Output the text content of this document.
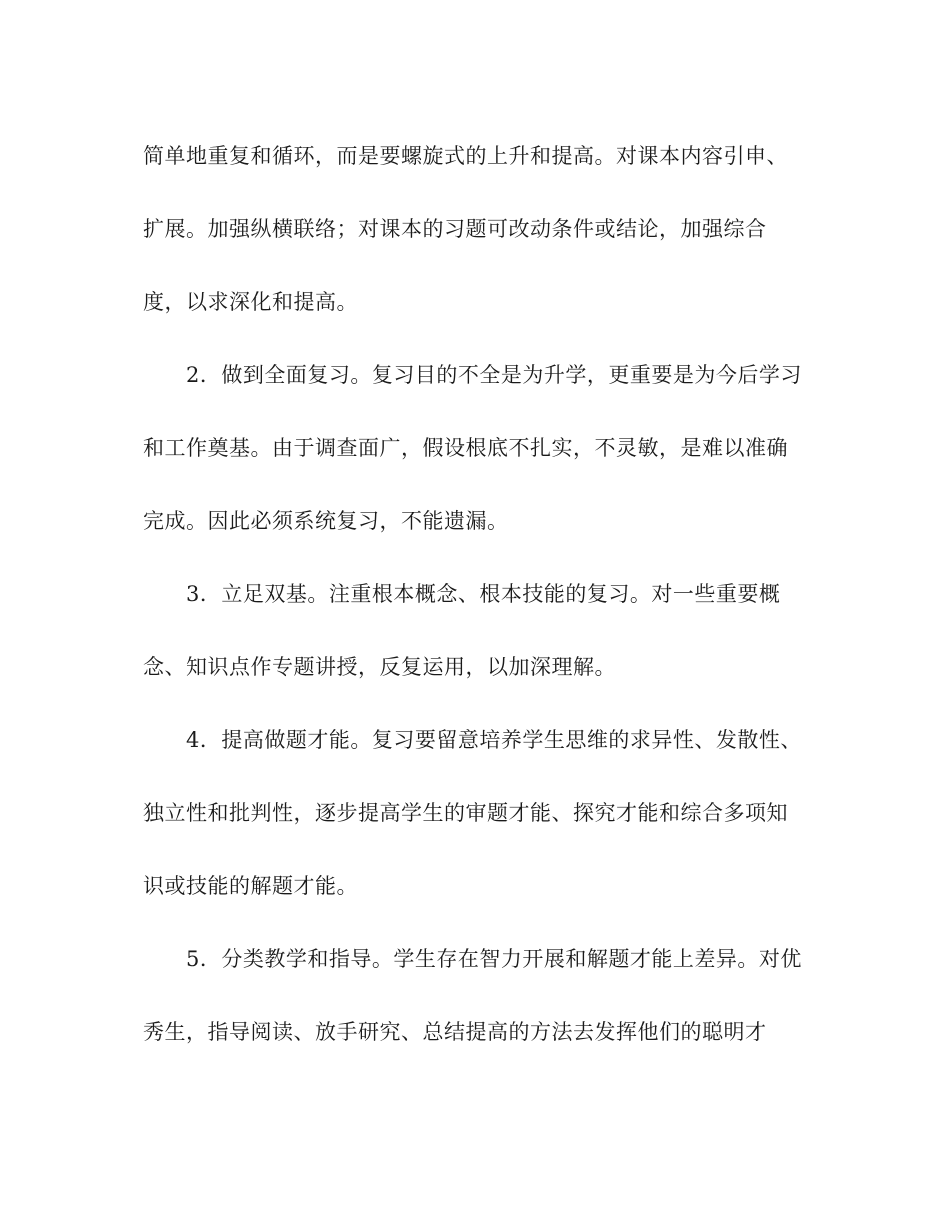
简单地重复和循环，而是要螺旋式的上升和提高。对课本内容引申、
扩展。加强纵横联络；对课本的习题可改动条件或结论，加强综合
度，以求深化和提高。
2．做到全面复习。复习目的不全是为升学，更重要是为今后学习
和工作奠基。由于调查面广，假设根底不扎实，不灵敏，是难以准确
完成。因此必须系统复习，不能遗漏。
3．立足双基。注重根本概念、根本技能的复习。对一些重要概
念、知识点作专题讲授，反复运用，以加深理解。
4．提高做题才能。复习要留意培养学生思维的求异性、发散性、
独立性和批判性，逐步提高学生的审题才能、探究才能和综合多项知
识或技能的解题才能。
5．分类教学和指导。学生存在智力开展和解题才能上差异。对优
秀生，指导阅读、放手研究、总结提高的方法去发挥他们的聪明才
